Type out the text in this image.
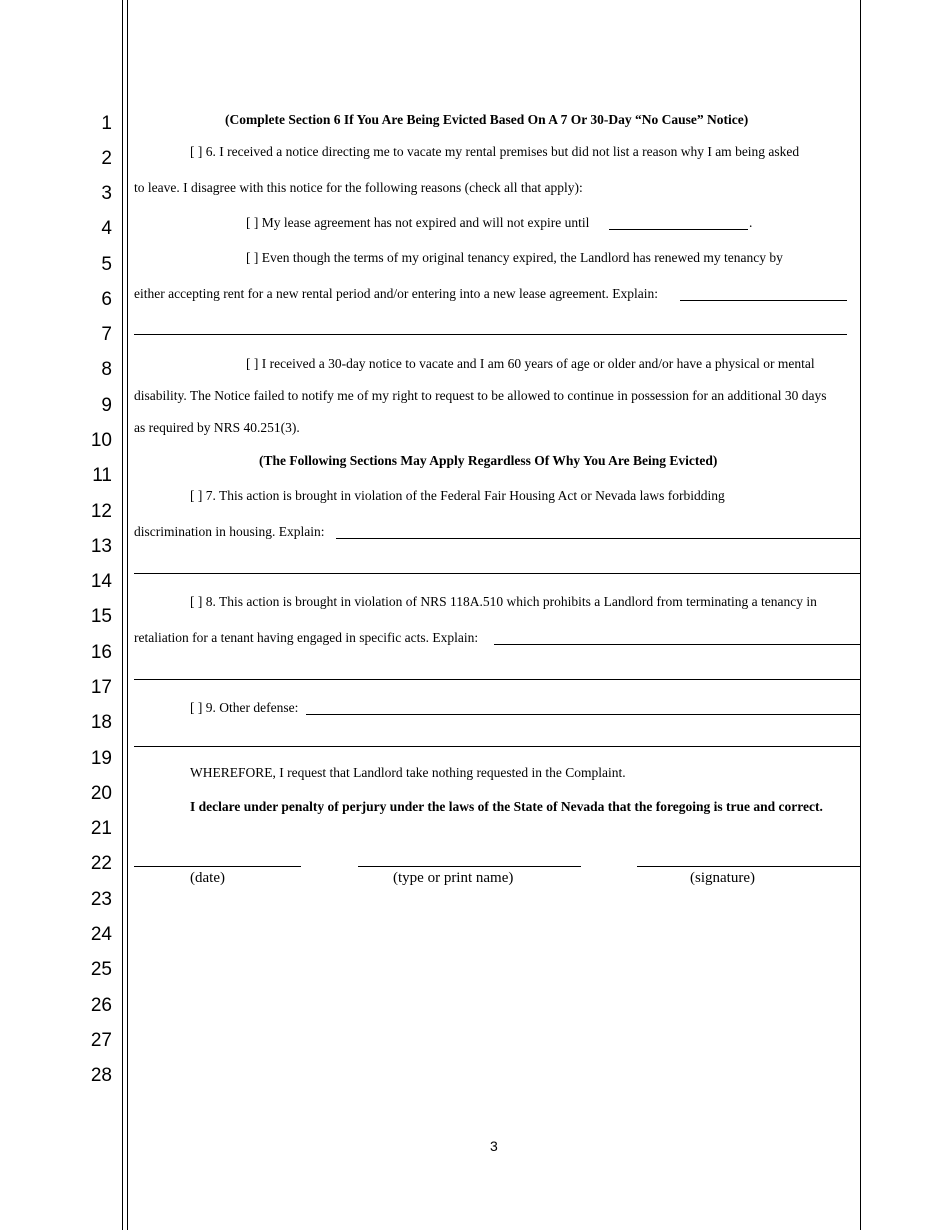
1
2
3
4
5
6
7
8
9
10
11
12
13
14
15
16
17
18
19
20
21
22
23
24
25
26
27
28
(Complete Section 6 If You Are Being Evicted Based On A 7 Or 30-Day “No Cause” Notice)
[ ] 6. I received a notice directing me to vacate my rental premises but did not list a reason why I am being asked
to leave. I disagree with this notice for the following reasons (check all that apply):
[ ] My lease agreement has not expired and will not expire until	.
[ ] Even though the terms of my original tenancy expired, the Landlord has renewed my tenancy by
either accepting rent for a new rental period and/or entering into a new lease agreement. Explain:
[ ] I received a 30-day notice to vacate and I am 60 years of age or older and/or have a physical or mental
disability. The Notice failed to notify me of my right to request to be allowed to continue in possession for an additional 30 days
as required by NRS 40.251(3).
(The Following Sections May Apply Regardless Of Why You Are Being Evicted)
[ ] 7. This action is brought in violation of the Federal Fair Housing Act or Nevada laws forbidding
discrimination in housing. Explain:
[ ] 8. This action is brought in violation of NRS 118A.510 which prohibits a Landlord from terminating a tenancy in
retaliation for a tenant having engaged in specific acts. Explain:
[ ] 9. Other defense:
WHEREFORE, I request that Landlord take nothing requested in the Complaint.
I declare under penalty of perjury under the laws of the State of Nevada that the foregoing is true and correct.
(date)	(type or print name)	(signature)
3
